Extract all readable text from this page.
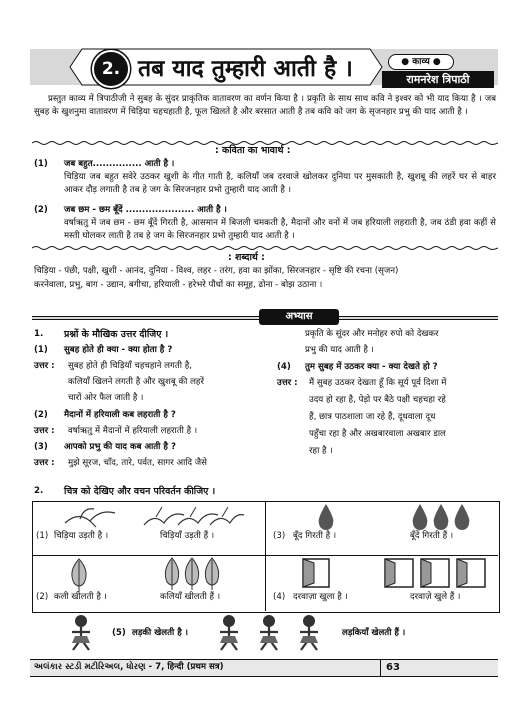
2. तब याद तुम्हारी आती है ।	● काव्य ●
रामनरेश त्रिपाठी
प्रस्तुत काव्य में त्रिपाठीजी ने सुबह के सुंदर प्राकृतिक वातावरण का वर्णन किया है । प्रकृति के साथ साथ कवि ने इश्वर को भी याद किया है । जब सुबह के खुशनुमा वातावरण में चिड़िया चहचहाती है, फूल खिलते है और बरसात आती है तब कवि को जग के सृजनहार प्रभु की याद आती है ।
: कविता का भावार्थ :
(1) जब बहुत............... आती है ।
चिड़िया जब बहुत सवेरे उठकर खुशी के गीत गाती है, कलियाँ जब दरवाजे खोलकर दुनिया पर मुसकाती है, खुशबू की लहरें घर से बाहर आकर दौड़ लगाती है तब हे जग के सिरजनहार प्रभो तुम्हारी याद आती है ।
(2) जब छम - छम बूँदें ..................... आती है ।
वर्षाऋतु में जब छम - छम बूँदें गिरती है, आसमान में बिजली चमकती है, मैदानों और वनों में जब हरियाली लहराती है, जब ठंडी हवा कहीं से मस्ती घोलकर लाती है तब हे जग के सिरजनहार प्रभो तुम्हारी याद आती है ।
: शब्दार्थ :
चिड़िया - पंछी, पक्षी, खुशी - आनंद, दुनिया - विश्व, लहर - तरंग, हवा का झोंका, सिरजनहार - सृष्टि की रचना (सृजन)
करनेवाला, प्रभु, बाग - उद्यान, बगीचा, हरियाली - हरेभरे पौधों का समूह, ढोना - बोझ उठाना ।
अभ्यास
1. प्रश्नों के मौखिक उत्तर दीजिए ।
(1) सुबह होते ही क्या - क्या होता है ?
उत्तर : सुबह होते ही चिड़ियाँ चहचहाने लगती है,
कलियाँ खिलने लगती है और खुशबू की लहरें
चारों ओर फैल जाती है ।
(2) मैदानों में हरियाली कब लहराती है ?
उत्तर : वर्षाऋतु में मैदानों में हरियाली लहराती है ।
(3) आपको प्रभु की याद कब आती है ?
उत्तर : मुझे सूरज, चाँद, तारे, पर्वत, सागर आदि जैसे
प्रकृति के सुंदर और मनोहर रुपो को देखकर
प्रभु की याद आती है ।
(4) तुम सुबह में उठकर क्या - क्या देखते हो ?
उत्तर : मैं सुबह उठकर देखता हूँ कि सूर्य पूर्व दिशा में
उदय हो रहा है, पेड़ो पर बैठे पक्षी चहचहा रहे
हैं, छात्र पाठशाला जा रहे हैं, दूधवाला दूध
पहुँचा रहा है और अखबारवाला अखबार डाल
रहा है ।
2. चित्र को देखिए और वचन परिवर्तन कीजिए ।
(1) चिड़िया उड़ती है ।	चिड़ियाँ उड़ती हैं ।	(3) बूँद गिरती है ।	बूँदें गिरती हैं ।
(2) कली खीलती है ।	कलियाँ खीलती हैं ।	(4) दरवाज़ा खुला है ।	दरवाज़े खुले हैं ।
(5) लड़की खेलती है ।	लड़कियाँ खेलती हैं ।
અલંકાર સ્ટડી મટીરિઅલ, ધોરણ - 7, हिन्दी (प्रथम सत्र)	63
